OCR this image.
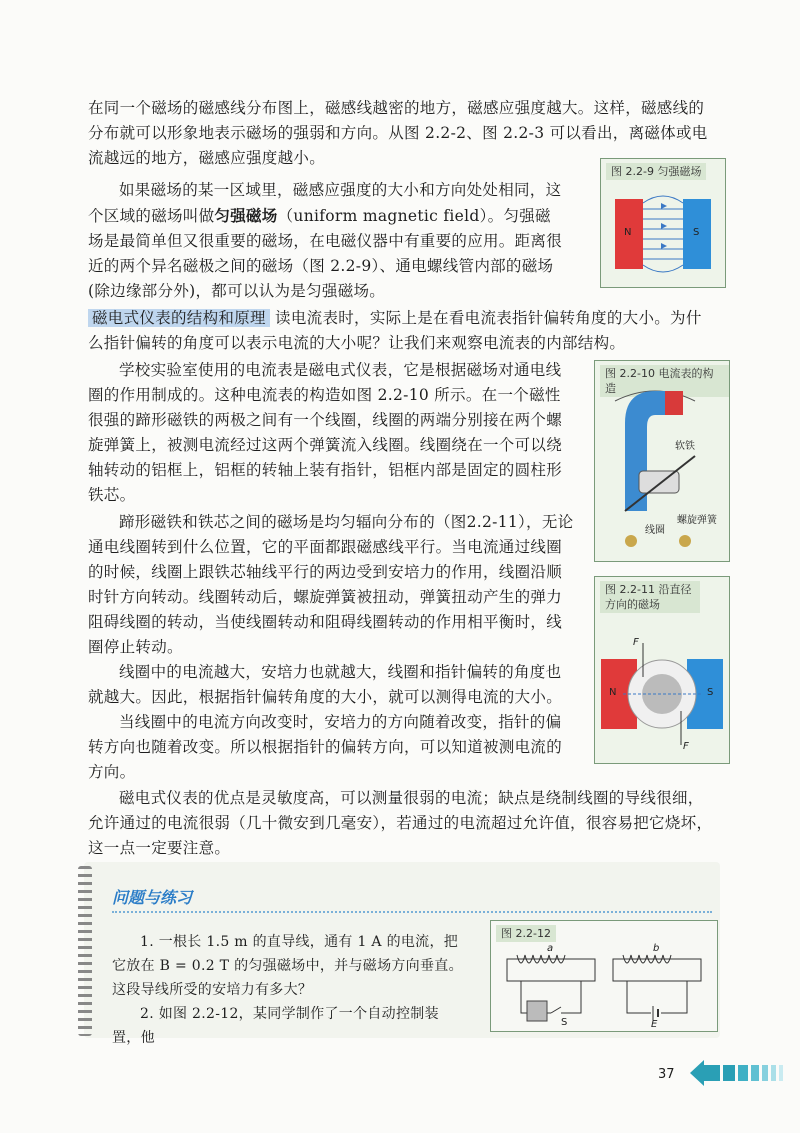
在同一个磁场的磁感线分布图上，磁感线越密的地方，磁感应强度越大。这样，磁感线的分布就可以形象地表示磁场的强弱和方向。从图 2.2-2、图 2.2-3 可以看出，离磁体或电流越远的地方，磁感应强度越小。

如果磁场的某一区域里，磁感应强度的大小和方向处处相同，这个区域的磁场叫做匀强磁场（uniform magnetic field）。匀强磁场是最简单但又很重要的磁场，在电磁仪器中有重要的应用。距离很近的两个异名磁极之间的磁场（图 2.2-9）、通电螺线管内部的磁场(除边缘部分外)，都可以认为是匀强磁场。

磁电式仪表的结构和原理 读电流表时，实际上是在看电流表指针偏转角度的大小。为什么指针偏转的角度可以表示电流的大小呢？让我们来观察电流表的内部结构。

学校实验室使用的电流表是磁电式仪表，它是根据磁场对通电线圈的作用制成的。这种电流表的构造如图 2.2-10 所示。在一个磁性很强的蹄形磁铁的两极之间有一个线圈，线圈的两端分别接在两个螺旋弹簧上，被测电流经过这两个弹簧流入线圈。线圈绕在一个可以绕轴转动的铝框上，铝框的转轴上装有指针，铝框内部是固定的圆柱形铁芯。

蹄形磁铁和铁芯之间的磁场是均匀辐向分布的（图2.2-11），无论通电线圈转到什么位置，它的平面都跟磁感线平行。当电流通过线圈的时候，线圈上跟铁芯轴线平行的两边受到安培力的作用，线圈沿顺时针方向转动。线圈转动后，螺旋弹簧被扭动，弹簧扭动产生的弹力阻碍线圈的转动，当使线圈转动和阻碍线圈转动的作用相平衡时，线圈停止转动。

线圈中的电流越大，安培力也就越大，线圈和指针偏转的角度也就越大。因此，根据指针偏转角度的大小，就可以测得电流的大小。

当线圈中的电流方向改变时，安培力的方向随着改变，指针的偏转方向也随着改变。所以根据指针的偏转方向，可以知道被测电流的方向。

磁电式仪表的优点是灵敏度高，可以测量很弱的电流；缺点是绕制线圈的导线很细，允许通过的电流很弱（几十微安到几毫安），若通过的电流超过允许值，很容易把它烧坏，这一点一定要注意。

图 2.2-9 匀强磁场
N	S
图 2.2-10 电流表的构造
软铁
螺旋弹簧
线圈
图 2.2-11 沿直径方向的磁场
N	S
F
F
问题与练习

1. 一根长 1.5 m 的直导线，通有 1 A 的电流，把它放在 B = 0.2 T 的匀强磁场中，并与磁场方向垂直。这段导线所受的安培力有多大？

2. 如图 2.2-12，某同学制作了一个自动控制装置，他

图 2.2-12
a	b
S	E
37
